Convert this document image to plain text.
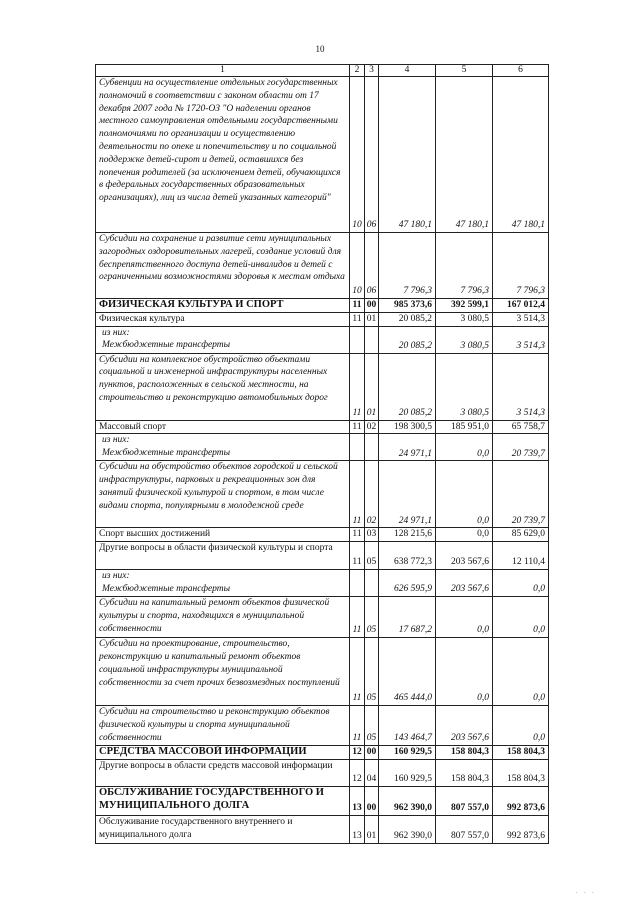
10
1	2	3	4	5	6
Субвенции на осуществление отдельных государственных полномочий в соответствии с законом области от 17 декабря 2007 года № 1720-ОЗ "О наделении органов местного самоуправления отдельными государственными полномочиями по организации и осуществлению деятельности по опеке и попечительству и по социальной поддержке детей-сирот и детей, оставшихся без попечения родителей (за исключением детей, обучающихся в федеральных государственных образовательных организациях), лиц из числа детей указанных категорий"	10	06	47 180,1	47 180,1	47 180,1
Субсидии на сохранение и развитие сети муниципальных загородных оздоровительных лагерей, создание условий для беспрепятственного доступа детей-инвалидов и детей с ограниченными возможностями здоровья к местам отдыха	10	06	7 796,3	7 796,3	7 796,3
ФИЗИЧЕСКАЯ КУЛЬТУРА И СПОРТ	11	00	985 373,6	392 599,1	167 012,4
Физическая культура	11	01	20 085,2	3 080,5	3 514,3
из них:
Межбюджетные трансферты			20 085,2	3 080,5	3 514,3
Субсидии на комплексное обустройство объектами социальной и инженерной инфраструктуры населенных пунктов, расположенных в сельской местности, на строительство и реконструкцию автомобильных дорог	11	01	20 085,2	3 080,5	3 514,3
Массовый спорт	11	02	198 300,5	185 951,0	65 758,7
из них:
Межбюджетные трансферты			24 971,1	0,0	20 739,7
Субсидии на обустройство объектов городской и сельской инфраструктуры, парковых и рекреационных зон для занятий физической культурой и спортом, в том числе видами спорта, популярными в молодежной среде	11	02	24 971,1	0,0	20 739,7
Спорт высших достижений	11	03	128 215,6	0,0	85 629,0
Другие вопросы в области физической культуры и спорта	11	05	638 772,3	203 567,6	12 110,4
из них:
Межбюджетные трансферты			626 595,9	203 567,6	0,0
Субсидии на капитальный ремонт объектов физической культуры и спорта, находящихся в муниципальной собственности	11	05	17 687,2	0,0	0,0
Субсидии на проектирование, строительство, реконструкцию и капитальный ремонт объектов социальной инфраструктуры муниципальной собственности за счет прочих безвозмездных поступлений	11	05	465 444,0	0,0	0,0
Субсидии на строительство и реконструкцию объектов физической культуры и спорта муниципальной собственности	11	05	143 464,7	203 567,6	0,0
СРЕДСТВА МАССОВОЙ ИНФОРМАЦИИ	12	00	160 929,5	158 804,3	158 804,3
Другие вопросы в области средств массовой информации	12	04	160 929,5	158 804,3	158 804,3
ОБСЛУЖИВАНИЕ ГОСУДАРСТВЕННОГО И МУНИЦИПАЛЬНОГО ДОЛГА	13	00	962 390,0	807 557,0	992 873,6
Обслуживание государственного внутреннего и муниципального долга	13	01	962 390,0	807 557,0	992 873,6
· · ·
